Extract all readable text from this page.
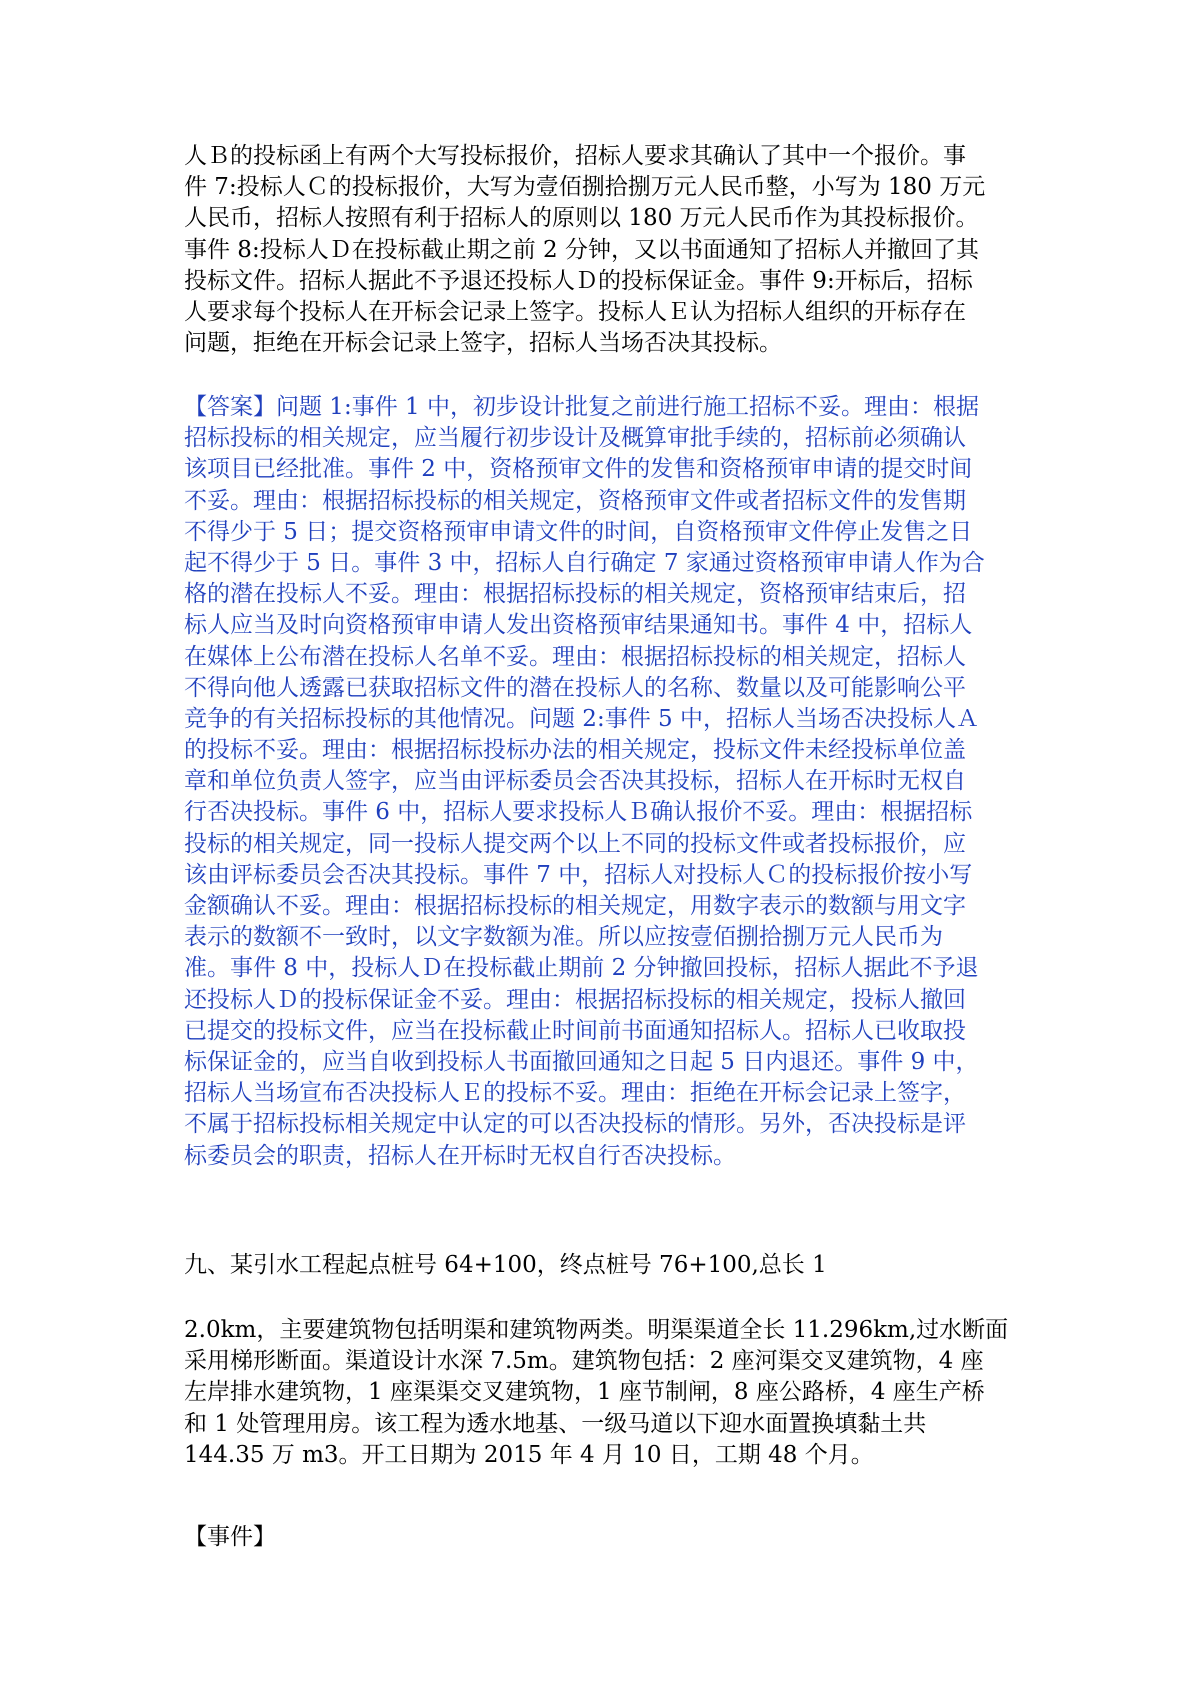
人Ｂ的投标函上有两个大写投标报价，招标人要求其确认了其中一个报价。事
件 7:投标人Ｃ的投标报价，大写为壹佰捌拾捌万元人民币整，小写为 180 万元
人民币，招标人按照有利于招标人的原则以 180 万元人民币作为其投标报价。
事件 8:投标人Ｄ在投标截止期之前 2 分钟，又以书面通知了招标人并撤回了其
投标文件。招标人据此不予退还投标人Ｄ的投标保证金。事件 9:开标后，招标
人要求每个投标人在开标会记录上签字。投标人Ｅ认为招标人组织的开标存在
问题，拒绝在开标会记录上签字，招标人当场否决其投标。
【答案】问题 1:事件 1 中，初步设计批复之前进行施工招标不妥。理由：根据
招标投标的相关规定，应当履行初步设计及概算审批手续的，招标前必须确认
该项目已经批准。事件 2 中，资格预审文件的发售和资格预审申请的提交时间
不妥。理由：根据招标投标的相关规定，资格预审文件或者招标文件的发售期
不得少于 5 日；提交资格预审申请文件的时间，自资格预审文件停止发售之日
起不得少于 5 日。事件 3 中，招标人自行确定 7 家通过资格预审申请人作为合
格的潜在投标人不妥。理由：根据招标投标的相关规定，资格预审结束后，招
标人应当及时向资格预审申请人发出资格预审结果通知书。事件 4 中，招标人
在媒体上公布潜在投标人名单不妥。理由：根据招标投标的相关规定，招标人
不得向他人透露已获取招标文件的潜在投标人的名称、数量以及可能影响公平
竞争的有关招标投标的其他情况。问题 2:事件 5 中，招标人当场否决投标人Ａ
的投标不妥。理由：根据招标投标办法的相关规定，投标文件未经投标单位盖
章和单位负责人签字，应当由评标委员会否决其投标，招标人在开标时无权自
行否决投标。事件 6 中，招标人要求投标人Ｂ确认报价不妥。理由：根据招标
投标的相关规定，同一投标人提交两个以上不同的投标文件或者投标报价，应
该由评标委员会否决其投标。事件 7 中，招标人对投标人Ｃ的投标报价按小写
金额确认不妥。理由：根据招标投标的相关规定，用数字表示的数额与用文字
表示的数额不一致时，以文字数额为准。所以应按壹佰捌拾捌万元人民币为
准。事件 8 中，投标人Ｄ在投标截止期前 2 分钟撤回投标，招标人据此不予退
还投标人Ｄ的投标保证金不妥。理由：根据招标投标的相关规定，投标人撤回
已提交的投标文件，应当在投标截止时间前书面通知招标人。招标人已收取投
标保证金的，应当自收到投标人书面撤回通知之日起 5 日内退还。事件 9 中，
招标人当场宣布否决投标人Ｅ的投标不妥。理由：拒绝在开标会记录上签字，
不属于招标投标相关规定中认定的可以否决投标的情形。另外，否决投标是评
标委员会的职责，招标人在开标时无权自行否决投标。
九、某引水工程起点桩号 64+100，终点桩号 76+100,总长 1
2.0km，主要建筑物包括明渠和建筑物两类。明渠渠道全长 11.296km,过水断面
采用梯形断面。渠道设计水深 7.5m。建筑物包括：2 座河渠交叉建筑物，4 座
左岸排水建筑物，1 座渠渠交叉建筑物，1 座节制闸，8 座公路桥，4 座生产桥
和 1 处管理用房。该工程为透水地基、一级马道以下迎水面置换填黏土共
144.35 万 m3。开工日期为 2015 年 4 月 10 日，工期 48 个月。
【事件】
